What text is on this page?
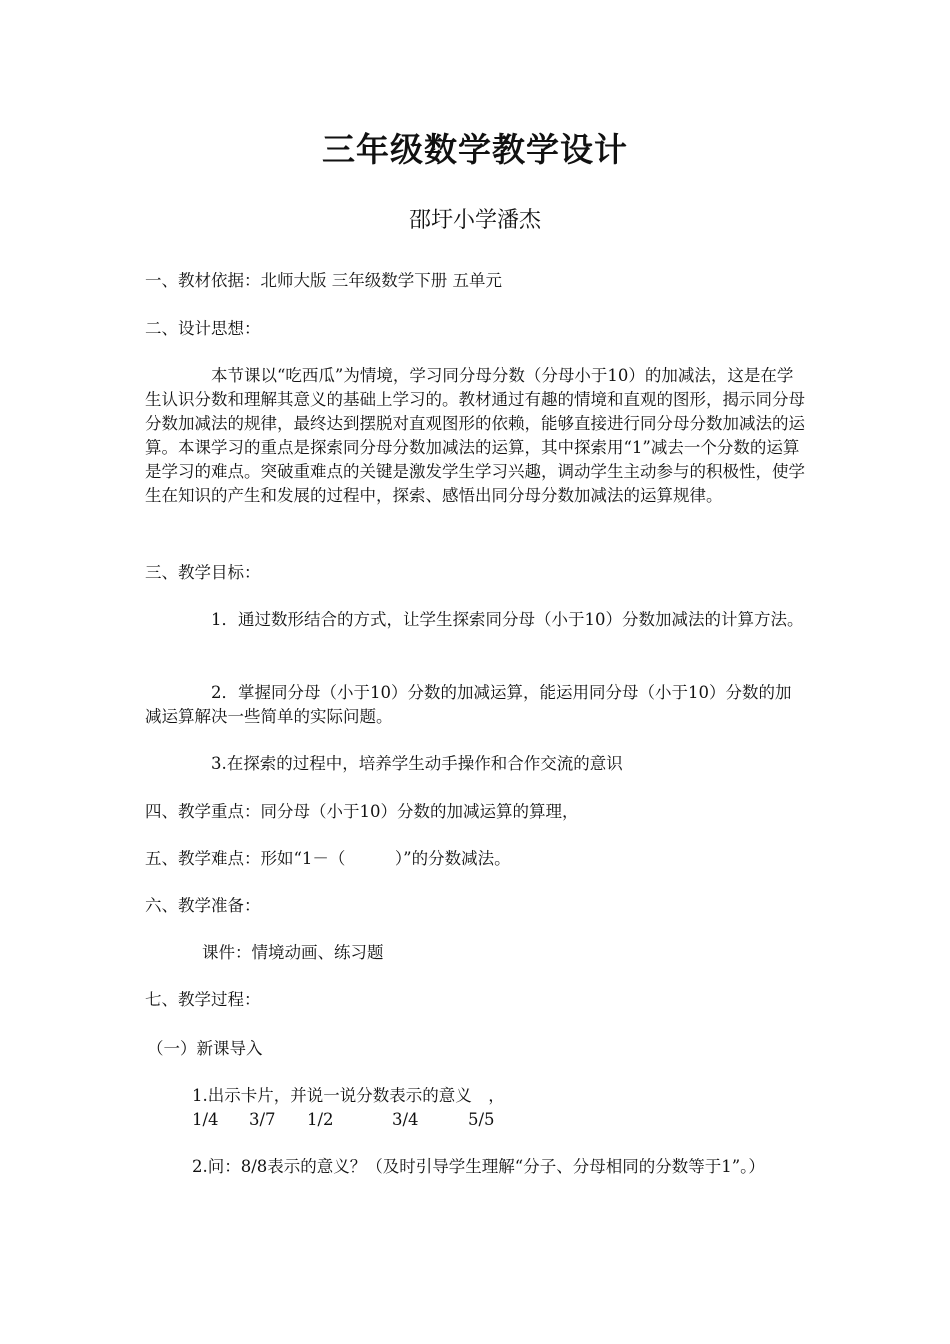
三年级数学教学设计
邵圩小学潘杰
一、教材依据：北师大版 三年级数学下册 五单元
二、设计思想：
本节课以“吃西瓜”为情境，学习同分母分数（分母小于10）的加减法，这是在学生认识分数和理解其意义的基础上学习的。教材通过有趣的情境和直观的图形，揭示同分母分数加减法的规律，最终达到摆脱对直观图形的依赖，能够直接进行同分母分数加减法的运算。本课学习的重点是探索同分母分数加减法的运算，其中探索用“1”减去一个分数的运算是学习的难点。突破重难点的关键是激发学生学习兴趣，调动学生主动参与的积极性，使学生在知识的产生和发展的过程中，探索、感悟出同分母分数加减法的运算规律。
三、教学目标：
1．通过数形结合的方式，让学生探索同分母（小于10）分数加减法的计算方法。
2．掌握同分母（小于10）分数的加减运算，能运用同分母（小于10）分数的加减运算解决一些简单的实际问题。
3.在探索的过程中，培养学生动手操作和合作交流的意识
四、教学重点：同分母（小于10）分数的加减运算的算理，
五、教学难点：形如“1－（　　　）”的分数减法。
六、教学准备：
课件：情境动画、练习题
七、教学过程：
（一）新课导入
1.出示卡片，并说一说分数表示的意义　，
1/4 3/7 1/2	3/4	5/5
2.问：8/8表示的意义？（及时引导学生理解“分子、分母相同的分数等于1”。）
